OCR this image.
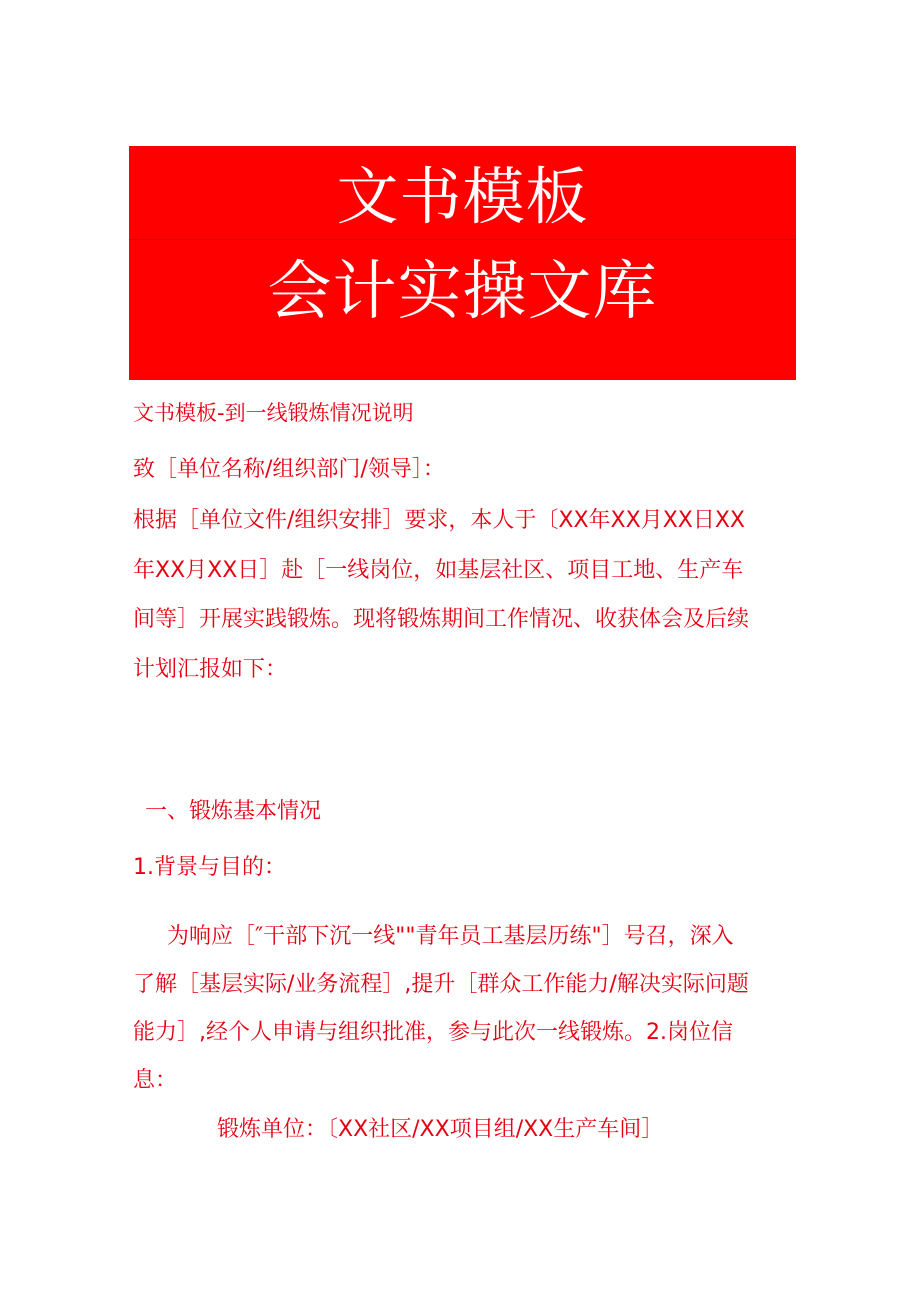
文书模板
会计实操文库
文书模板-到一线锻炼情况说明
致［单位名称/组织部门/领导］：
根据［单位文件/组织安排］要求，本人于〔XX年XX月XX日XX
年XX月XX日］赴［一线岗位，如基层社区、项目工地、生产车
间等］开展实践锻炼。现将锻炼期间工作情况、收获体会及后续
计划汇报如下：
一、锻炼基本情况
1.背景与目的：
为响应［″干部下沉一线""青年员工基层历练"］号召，深入
了解［基层实际/业务流程］,提升［群众工作能力/解决实际问题
能力］,经个人申请与组织批准，参与此次一线锻炼。2.岗位信
息：
锻炼单位：〔XX社区/XX项目组/XX生产车间］
